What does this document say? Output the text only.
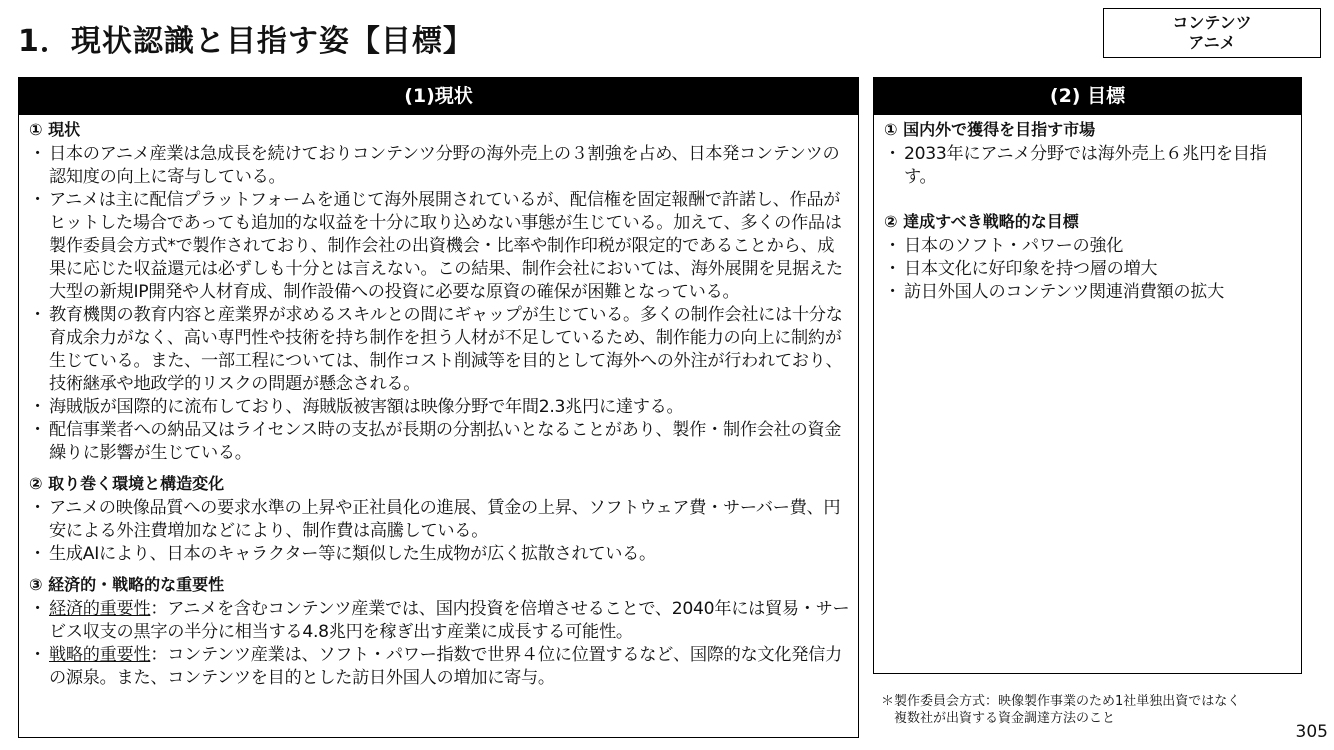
1．現状認識と目指す姿【目標】
コンテンツ
アニメ
(1)現状

① 現状

・ 日本のアニメ産業は急成長を続けておりコンテンツ分野の海外売上の３割強を占め、日本発コンテンツの認知度の向上に寄与している。
・ アニメは主に配信プラットフォームを通じて海外展開されているが、配信権を固定報酬で許諾し、作品がヒットした場合であっても追加的な収益を十分に取り込めない事態が生じている。加えて、多くの作品は製作委員会方式*で製作されており、制作会社の出資機会・比率や制作印税が限定的であることから、成果に応じた収益還元は必ずしも十分とは言えない。この結果、制作会社においては、海外展開を見据えた大型の新規IP開発や人材育成、制作設備への投資に必要な原資の確保が困難となっている。
・ 教育機関の教育内容と産業界が求めるスキルとの間にギャップが生じている。多くの制作会社には十分な育成余力がなく、高い専門性や技術を持ち制作を担う人材が不足しているため、制作能力の向上に制約が生じている。また、一部工程については、制作コスト削減等を目的として海外への外注が行われており、技術継承や地政学的リスクの問題が懸念される。
・ 海賊版が国際的に流布しており、海賊版被害額は映像分野で年間2.3兆円に達する。
・ 配信事業者への納品又はライセンス時の支払が長期の分割払いとなることがあり、製作・制作会社の資金繰りに影響が生じている。

② 取り巻く環境と構造変化

・ アニメの映像品質への要求水準の上昇や正社員化の進展、賃金の上昇、ソフトウェア費・サーバー費、円安による外注費増加などにより、制作費は高騰している。
・ 生成AIにより、日本のキャラクター等に類似した生成物が広く拡散されている。

③ 経済的・戦略的な重要性

・ 経済的重要性：アニメを含むコンテンツ産業では、国内投資を倍増させることで、2040年には貿易・サービス収支の黒字の半分に相当する4.8兆円を稼ぎ出す産業に成長する可能性。
・ 戦略的重要性：コンテンツ産業は、ソフト・パワー指数で世界４位に位置するなど、国際的な文化発信力の源泉。また、コンテンツを目的とした訪日外国人の増加に寄与。
(2) 目標

① 国内外で獲得を目指す市場

・ 2033年にアニメ分野では海外売上６兆円を目指す。

② 達成すべき戦略的な目標

・ 日本のソフト・パワーの強化
・ 日本文化に好印象を持つ層の増大
・ 訪日外国人のコンテンツ関連消費額の拡大
＊製作委員会方式：映像製作事業のため1社単独出資ではなく
複数社が出資する資金調達方法のこと
305
